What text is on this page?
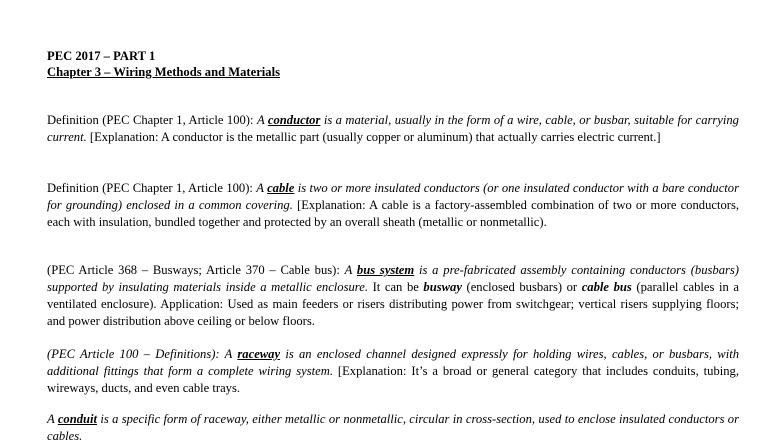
PEC 2017 – PART 1
Chapter 3 – Wiring Methods and Materials
Definition (PEC Chapter 1, Article 100): A conductor is a material, usually in the form of a wire, cable, or busbar, suitable for carrying current. [Explanation: A conductor is the metallic part (usually copper or aluminum) that actually carries electric current.]
Definition (PEC Chapter 1, Article 100): A cable is two or more insulated conductors (or one insulated conductor with a bare conductor for grounding) enclosed in a common covering. [Explanation: A cable is a factory-assembled combination of two or more conductors, each with insulation, bundled together and protected by an overall sheath (metallic or nonmetallic).
(PEC Article 368 – Busways; Article 370 – Cable bus): A bus system is a pre-fabricated assembly containing conductors (busbars) supported by insulating materials inside a metallic enclosure. It can be busway (enclosed busbars) or cable bus (parallel cables in a ventilated enclosure). Application: Used as main feeders or risers distributing power from switchgear; vertical risers supplying floors; and power distribution above ceiling or below floors.
(PEC Article 100 – Definitions): A raceway is an enclosed channel designed expressly for holding wires, cables, or busbars, with additional fittings that form a complete wiring system. [Explanation: It’s a broad or general category that includes conduits, tubing, wireways, ducts, and even cable trays.
A conduit is a specific form of raceway, either metallic or nonmetallic, circular in cross-section, used to enclose insulated conductors or cables.
